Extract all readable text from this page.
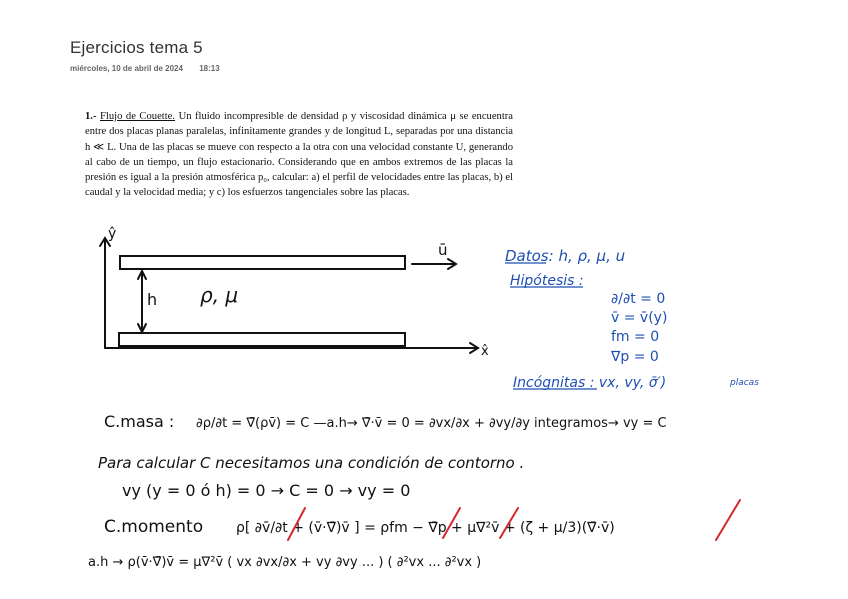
Ejercicios tema 5
miércoles, 10 de abril de 2024 18:13
1.- Flujo de Couette. Un fluido incompresible de densidad ρ y viscosidad dinámica μ se encuentra entre dos placas planas paralelas, infinitamente grandes y de longitud L, separadas por una distancia h ≪ L. Una de las placas se mueve con respecto a la otra con una velocidad constante U, generando al cabo de un tiempo, un flujo estacionario. Considerando que en ambos extremos de las placas la presión es igual a la presión atmosférica p₀, calcular: a) el perfil de velocidades entre las placas, b) el caudal y la velocidad media; y c) los esfuerzos tangenciales sobre las placas.
ŷ
x̂
ū
h ρ, μ
Datos: h, ρ, μ, u
Hipótesis :
∂/∂t = 0
v̄ = v̄(y)
fm = 0
∇p = 0
Incógnitas : vx, vy, σ̄′)	placas
C.masa : ∂ρ/∂t = ∇̄(ρv̄) = C —a.h→ ∇̄·v̄ = 0 = ∂vx/∂x + ∂vy/∂y integramos→ vy = C
Para calcular C necesitamos una condición de contorno .
vy (y = 0 ó h) = 0 → C = 0 → vy = 0
C.momento ρ[ ∂v̄/∂t + (v̄·∇̄)v̄ ] = ρfm − ∇̄p + μ∇²v̄ + (ζ + μ/3)(∇̄·v̄)
a.h → ρ(v̄·∇̄)v̄ = μ∇²v̄ ( vx ∂vx/∂x + vy ∂vy ... ) ( ∂²vx ... ∂²vx )
